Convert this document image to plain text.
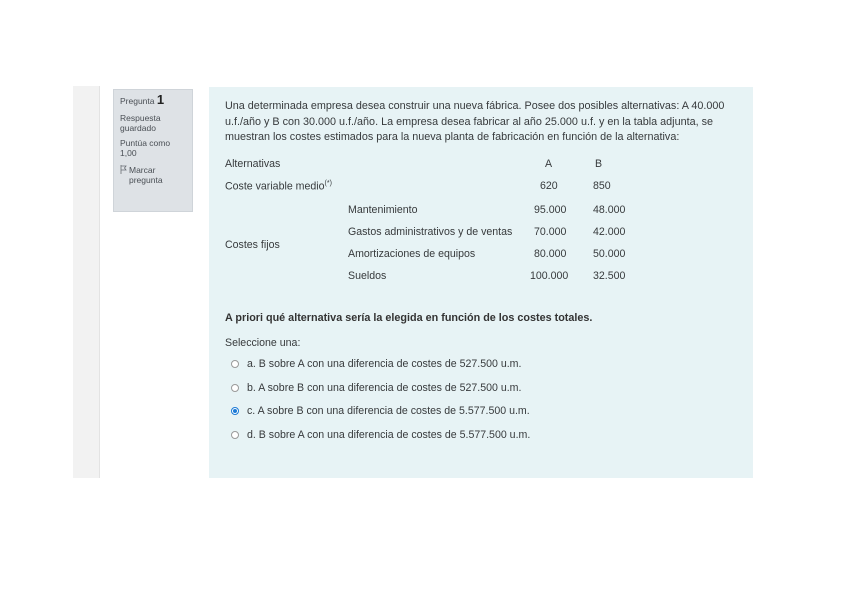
Pregunta 1
Respuesta guardado
Puntúa como 1,00
Marcar pregunta
Una determinada empresa desea construir una nueva fábrica. Posee dos posibles alternativas: A 40.000 u.f./año y B con 30.000 u.f./año. La empresa desea fabricar al año 25.000 u.f. y en la tabla adjunta, se muestran los costes estimados para la nueva planta de fabricación en función de la alternativa:
Alternativas	A	B
Coste variable medio(*)	620	850
Costes fijos
Mantenimiento	95.000	48.000
Gastos administrativos y de ventas 70.000	42.000
Amortizaciones de equipos	80.000	50.000
Sueldos	100.000 32.500
A priori qué alternativa sería la elegida en función de los costes totales.
Seleccione una:
a. B sobre A con una diferencia de costes de 527.500 u.m.
b. A sobre B con una diferencia de costes de 527.500 u.m.
c. A sobre B con una diferencia de costes de 5.577.500 u.m.
d. B sobre A con una diferencia de costes de 5.577.500 u.m.
